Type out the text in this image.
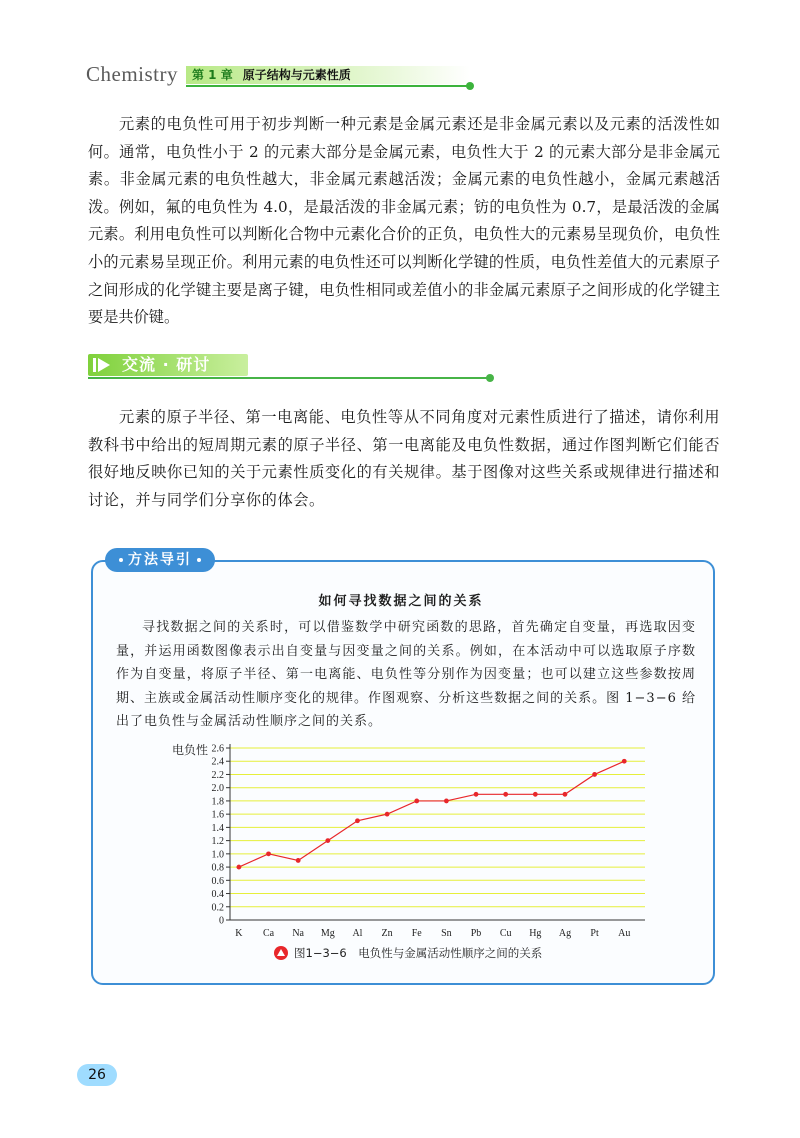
Chemistry	第 1 章 原子结构与元素性质
元素的电负性可用于初步判断一种元素是金属元素还是非金属元素以及元素的活泼性如何。通常，电负性小于 2 的元素大部分是金属元素，电负性大于 2 的元素大部分是非金属元素。非金属元素的电负性越大，非金属元素越活泼；金属元素的电负性越小，金属元素越活泼。例如，氟的电负性为 4.0，是最活泼的非金属元素；钫的电负性为 0.7，是最活泼的金属元素。利用电负性可以判断化合物中元素化合价的正负，电负性大的元素易呈现负价，电负性小的元素易呈现正价。利用元素的电负性还可以判断化学键的性质，电负性差值大的元素原子之间形成的化学键主要是离子键，电负性相同或差值小的非金属元素原子之间形成的化学键主要是共价键。
交流 · 研讨
元素的原子半径、第一电离能、电负性等从不同角度对元素性质进行了描述，请你利用教科书中给出的短周期元素的原子半径、第一电离能及电负性数据，通过作图判断它们能否很好地反映你已知的关于元素性质变化的有关规律。基于图像对这些关系或规律进行描述和讨论，并与同学们分享你的体会。
方法导引
如何寻找数据之间的关系
寻找数据之间的关系时，可以借鉴数学中研究函数的思路，首先确定自变量，再选取因变量，并运用函数图像表示出自变量与因变量之间的关系。例如，在本活动中可以选取原子序数作为自变量，将原子半径、第一电离能、电负性等分别作为因变量；也可以建立这些参数按周期、主族或金属活动性顺序变化的规律。作图观察、分析这些数据之间的关系。图 1−3−6 给出了电负性与金属活动性顺序之间的关系。
0
0.2
0.4
0.6
0.8
1.0
1.2
1.4
1.6
1.8
2.0
2.2
2.4
2.6
电负性
K Ca Na Mg Al Zn Fe Sn Pb Cu Hg Ag Pt Au
图1−3−6　电负性与金属活动性顺序之间的关系
26
